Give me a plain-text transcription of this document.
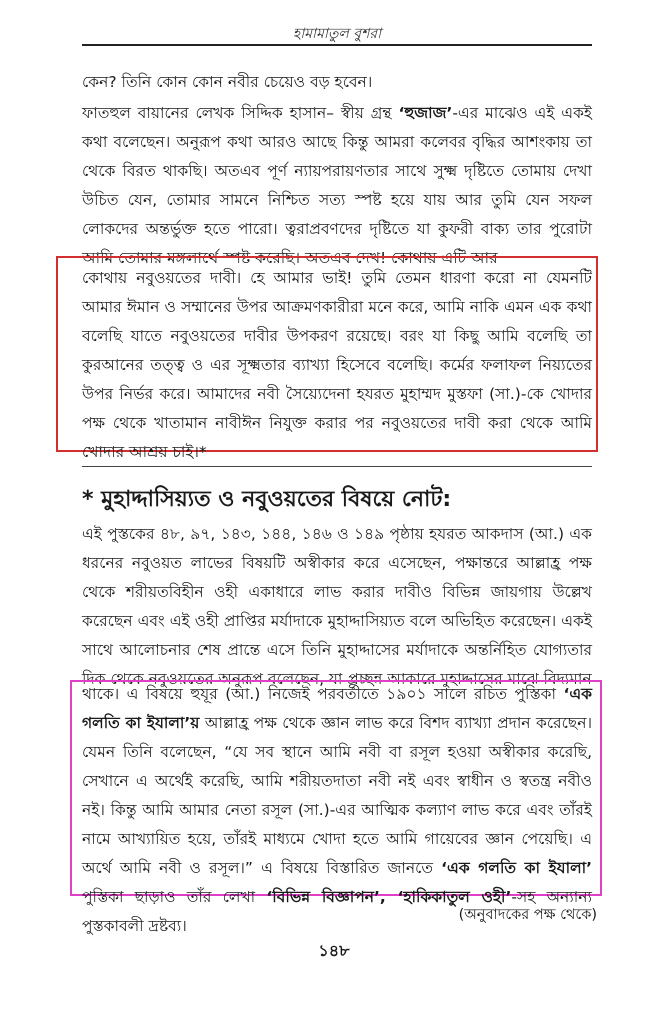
হামামাতুল বুশরা
কেন? তিনি কোন কোন নবীর চেয়েও বড় হবেন।
ফাতহুল বায়ানের লেখক সিদ্দিক হাসান– স্বীয় গ্রন্থ ‘হুজাজ’-এর মাঝেও এই একই কথা বলেছেন। অনুরূপ কথা আরও আছে কিন্তু আমরা কলেবর বৃদ্ধির আশংকায় তা থেকে বিরত থাকছি। অতএব পূর্ণ ন্যায়পরায়ণতার সাথে সুক্ষ্ম দৃষ্টিতে তোমায় দেখা উচিত যেন, তোমার সামনে নিশ্চিত সত্য স্পষ্ট হয়ে যায় আর তুমি যেন সফল লোকদের অন্তর্ভুক্ত হতে পারো। ত্বরাপ্রবণদের দৃষ্টিতে যা কুফরী বাক্য তার পুরোটা আমি তোমার মঙ্গলার্থে স্পষ্ট করেছি। অতএব দেখ! কোথায় এটি আর
কোথায় নবুওয়তের দাবী। হে আমার ভাই! তুমি তেমন ধারণা করো না যেমনটি আমার ঈমান ও সম্মানের উপর আক্রমণকারীরা মনে করে, আমি নাকি এমন এক কথা বলেছি যাতে নবুওয়তের দাবীর উপকরণ রয়েছে। বরং যা কিছু আমি বলেছি তা কুরআনের তত্ত্ব ও এর সূক্ষ্মতার ব্যাখ্যা হিসেবে বলেছি। কর্মের ফলাফল নিয়্যতের উপর নির্ভর করে। আমাদের নবী সৈয়্যেদেনা হযরত মুহাম্মদ মুস্তফা (সা.)-কে খোদার পক্ষ থেকে খাতামান নাবীঈন নিযুক্ত করার পর নবুওয়তের দাবী করা থেকে আমি খোদার আশ্রয় চাই।*
* মুহাদ্দাসিয়্যত ও নবুওয়তের বিষয়ে নোট:
এই পুস্তকের ৪৮, ৯৭, ১৪৩, ১৪৪, ১৪৬ ও ১৪৯ পৃষ্ঠায় হযরত আকদাস (আ.) এক ধরনের নবুওয়ত লাভের বিষয়টি অস্বীকার করে এসেছেন, পক্ষান্তরে আল্লাহ্র পক্ষ থেকে শরীয়তবিহীন ওহী একাধারে লাভ করার দাবীও বিভিন্ন জায়গায় উল্লেখ করেছেন এবং এই ওহী প্রাপ্তির মর্যাদাকে মুহাদ্দাসিয়্যত বলে অভিহিত করেছেন। একই সাথে আলোচনার শেষ প্রান্তে এসে তিনি মুহাদ্দাসের মর্যাদাকে অন্তর্নিহিত যোগ্যতার দিক থেকে নবুওয়তের অনুরূপ বলেছেন, যা প্রচ্ছন্ন আকারে মুহাদ্দাসের মাঝে বিদ্যমান
থাকে। এ বিষয়ে হুযূর (আ.) নিজেই পরবর্তীতে ১৯০১ সালে রচিত পুস্তিকা ‘এক গলতি কা ইযালা’য় আল্লাহ্র পক্ষ থেকে জ্ঞান লাভ করে বিশদ ব্যাখ্যা প্রদান করেছেন। যেমন তিনি বলেছেন, “যে সব স্থানে আমি নবী বা রসূল হওয়া অস্বীকার করেছি, সেখানে এ অর্থেই করেছি, আমি শরীয়তদাতা নবী নই এবং স্বাধীন ও স্বতন্ত্র নবীও নই। কিন্তু আমি আমার নেতা রসূল (সা.)-এর আত্মিক কল্যাণ লাভ করে এবং তাঁরই নামে আখ্যায়িত হয়ে, তাঁরই মাধ্যমে খোদা হতে আমি গায়েবের জ্ঞান পেয়েছি। এ অর্থে আমি নবী ও রসূল।” এ বিষয়ে বিস্তারিত জানতে ‘এক গলতি কা ইযালা’ পুস্তিকা ছাড়াও তাঁর লেখা ‘বিভিন্ন বিজ্ঞাপন’, ‘হাকিকাতুল ওহী’-সহ অন্যান্য পুস্তকাবলী দ্রষ্টব্য।
(অনুবাদকের পক্ষ থেকে)
১৪৮
